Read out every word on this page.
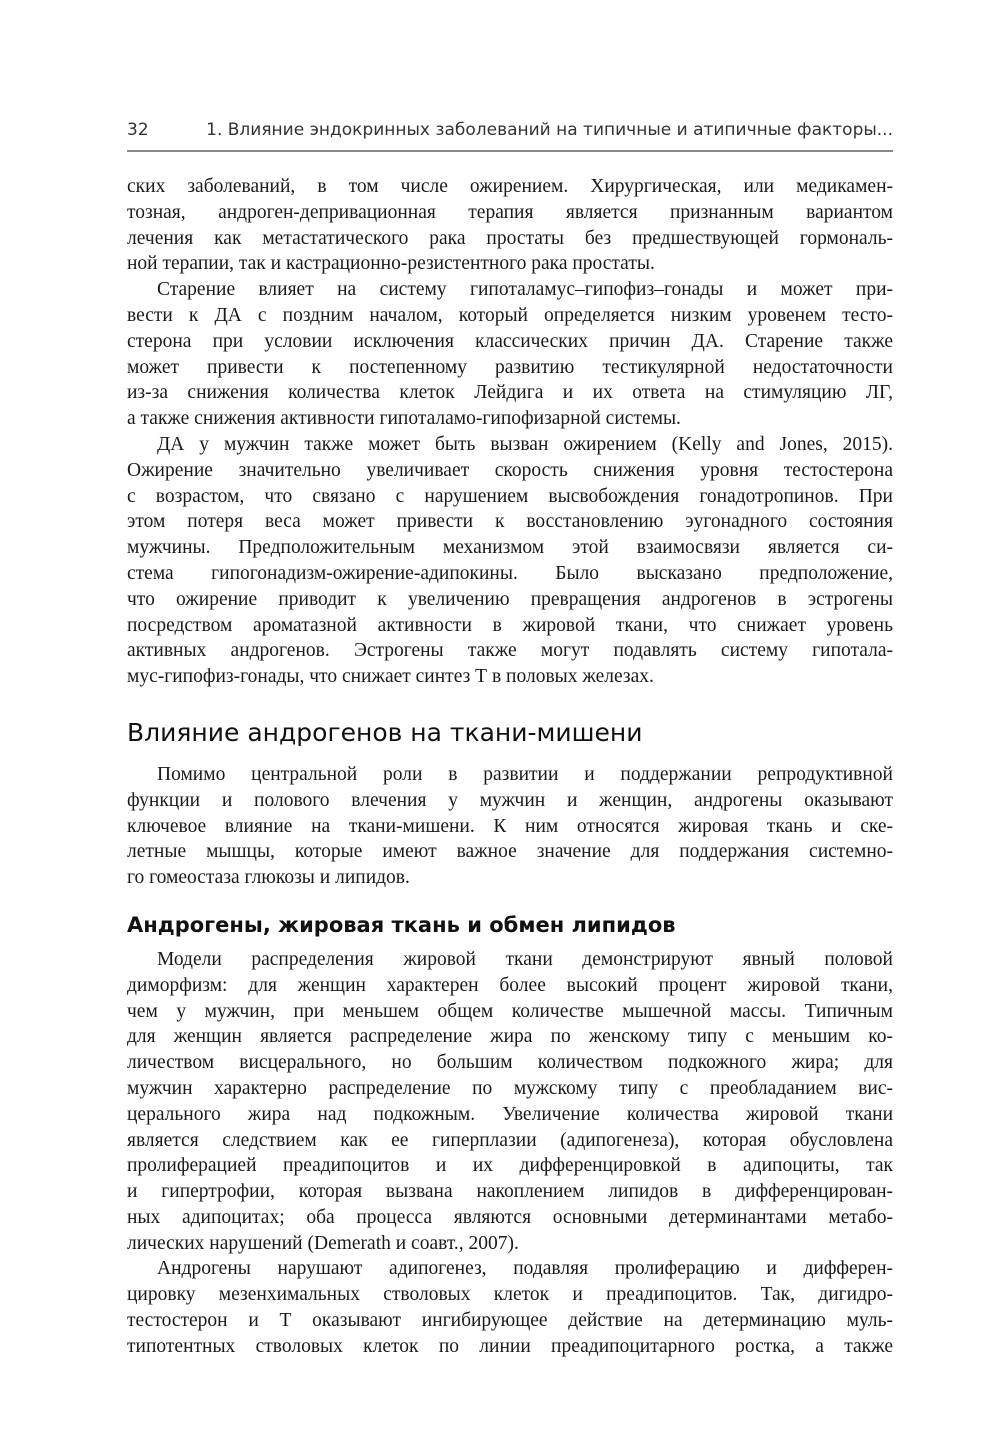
32	1. Влияние эндокринных заболеваний на типичные и атипичные факторы...
ских заболеваний, в том числе ожирением. Хирургическая, или медикамен-
тозная, андроген-депривационная терапия является признанным вариантом
лечения как метастатического рака простаты без предшествующей гормональ-
ной терапии, так и кастрационно-резистентного рака простаты.
Старение влияет на систему гипоталамус–гипофиз–гонады и может при-
вести к ДА с поздним началом, который определяется низким уровенем тесто-
стерона при условии исключения классических причин ДА. Старение также
может привести к постепенному развитию тестикулярной недостаточности
из-за снижения количества клеток Лейдига и их ответа на стимуляцию ЛГ,
а также снижения активности гипоталамо-гипофизарной системы.
ДА у мужчин также может быть вызван ожирением (Kelly and Jones, 2015).
Ожирение значительно увеличивает скорость снижения уровня тестостерона
с возрастом, что связано с нарушением высвобождения гонадотропинов. При
этом потеря веса может привести к восстановлению эугонадного состояния
мужчины. Предположительным механизмом этой взаимосвязи является си-
стема гипогонадизм-ожирение-адипокины. Было высказано предположение,
что ожирение приводит к увеличению превращения андрогенов в эстрогены
посредством ароматазной активности в жировой ткани, что снижает уровень
активных андрогенов. Эстрогены также могут подавлять систему гипотала-
мус-гипофиз-гонады, что снижает синтез Т в половых железах.
Влияние андрогенов на ткани-мишени
Помимо центральной роли в развитии и поддержании репродуктивной
функции и полового влечения у мужчин и женщин, андрогены оказывают
ключевое влияние на ткани-мишени. К ним относятся жировая ткань и ске-
летные мышцы, которые имеют важное значение для поддержания системно-
го гомеостаза глюкозы и липидов.
Андрогены, жировая ткань и обмен липидов
Модели распределения жировой ткани демонстрируют явный половой
диморфизм: для женщин характерен более высокий процент жировой ткани,
чем у мужчин, при меньшем общем количестве мышечной массы. Типичным
для женщин является распределение жира по женскому типу с меньшим ко-
личеством висцерального, но большим количеством подкожного жира; для
мужчин характерно распределение по мужскому типу с преобладанием вис-
церального жира над подкожным. Увеличение количества жировой ткани
является следствием как ее гиперплазии (адипогенеза), которая обусловлена
пролиферацией преадипоцитов и их дифференцировкой в адипоциты, так
и гипертрофии, которая вызвана накоплением липидов в дифференцирован-
ных адипоцитах; оба процесса являются основными детерминантами метабо-
лических нарушений (Demerath и соавт., 2007).
Андрогены нарушают адипогенез, подавляя пролиферацию и дифферен-
цировку мезенхимальных стволовых клеток и преадипоцитов. Так, дигидро-
тестостерон и Т оказывают ингибирующее действие на детерминацию муль-
типотентных стволовых клеток по линии преадипоцитарного ростка, а также
